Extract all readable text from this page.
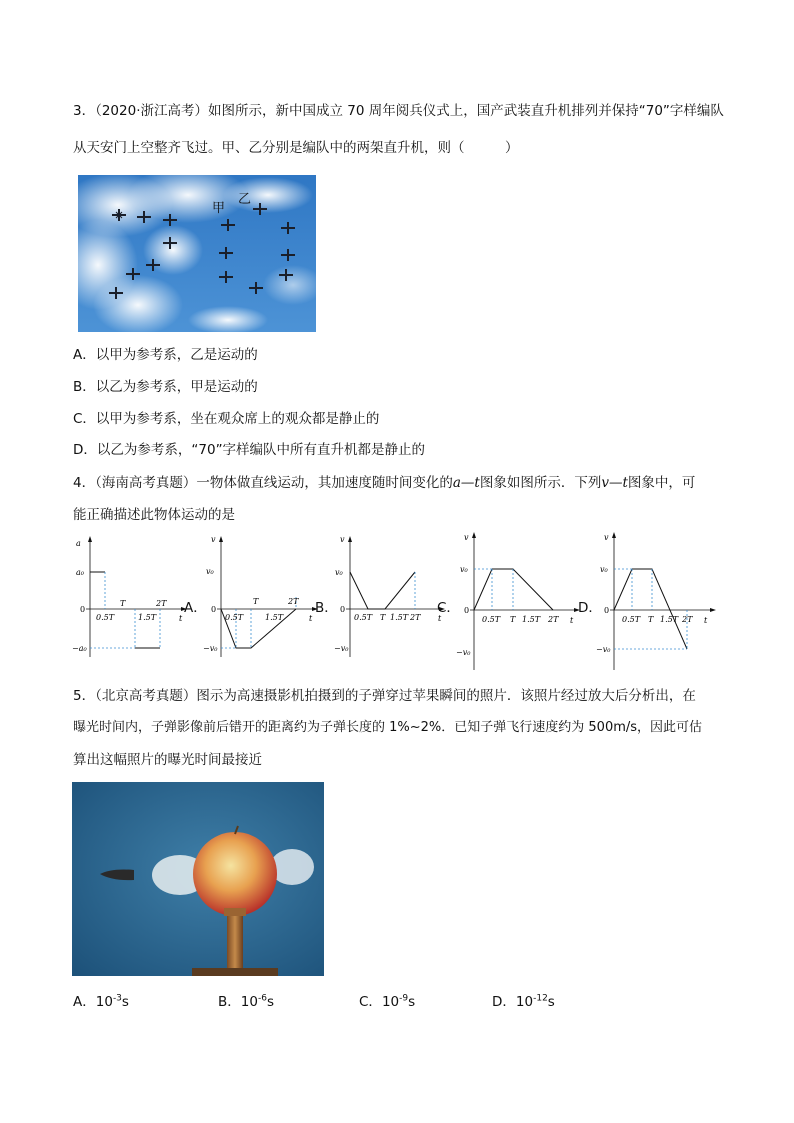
3．（2020·浙江高考）如图所示，新中国成立 70 周年阅兵仪式上，国产武装直升机排列并保持“70”字样编队
从天安门上空整齐飞过。甲、乙分别是编队中的两架直升机，则（　　　）
甲
乙
A．以甲为参考系，乙是运动的
B．以乙为参考系，甲是运动的
C．以甲为参考系，坐在观众席上的观众都是静止的
D．以乙为参考系，“70”字样编队中所有直升机都是静止的
4．（海南高考真题）一物体做直线运动，其加速度随时间变化的a—t图象如图所示．下列v—t图象中，可
能正确描述此物体运动的是
a
a₀
0
−a₀
0.5T
T
1.5T
2T
t
A．
v
v₀
0
−v₀
0.5T
T
1.5T
2T
t
B．
v
v₀
0
−v₀
0.5T T 1.5T 2T t
C．
v
v₀
0
−v₀
0.5T T 1.5T 2T t
D．
v
v₀
0
−v₀
0.5T T 1.5T 2T t
5．（北京高考真题）图示为高速摄影机拍摄到的子弹穿过苹果瞬间的照片．该照片经过放大后分析出，在
曝光时间内，子弹影像前后错开的距离约为子弹长度的 1%~2%．已知子弹飞行速度约为 500m/s，因此可估
算出这幅照片的曝光时间最接近
A．$10^{-3}s$	B．$10^{-6}s$	C．$10^{-9}s$	D．$10^{-12}s$
